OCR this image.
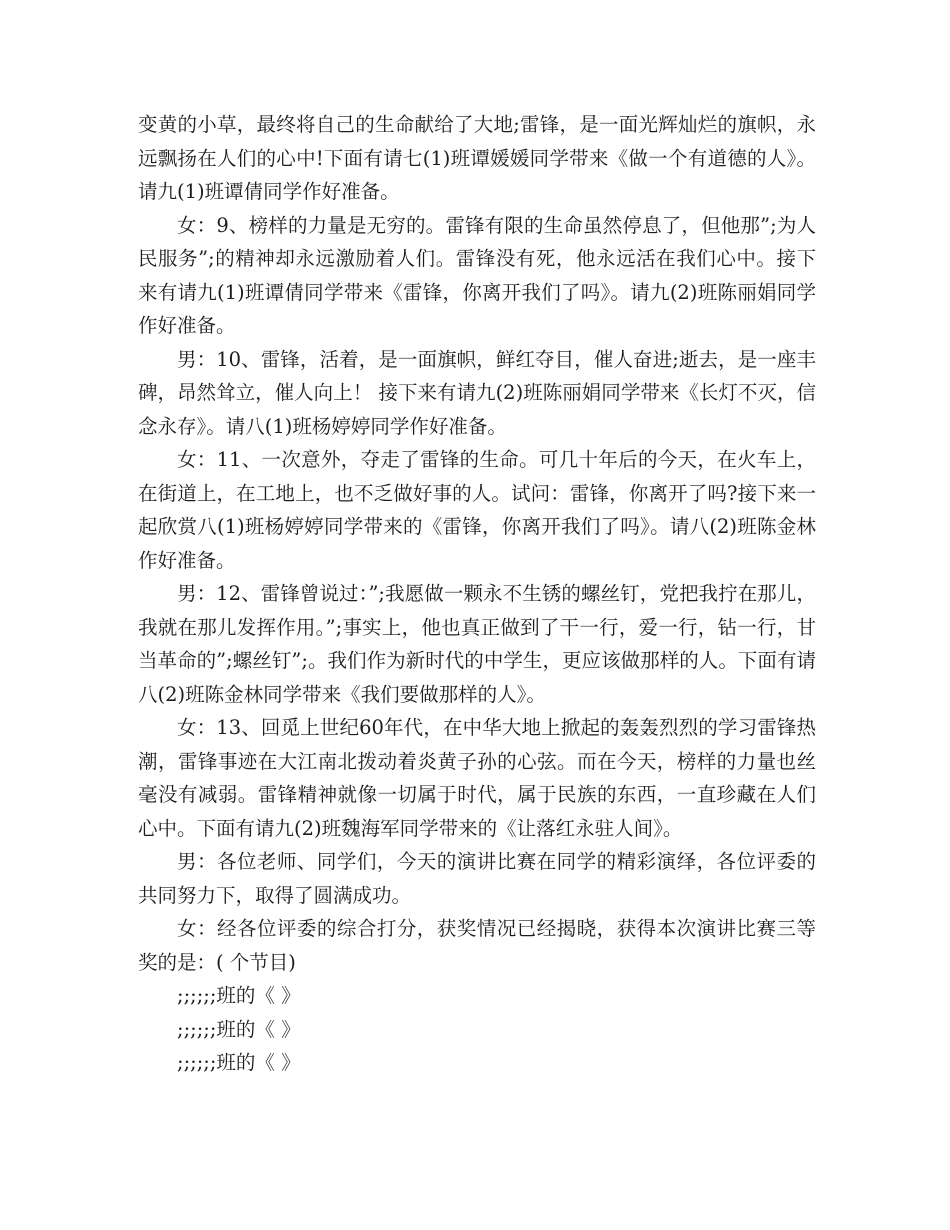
变黄的小草，最终将自己的生命献给了大地;雷锋，是一面光辉灿烂的旗帜，永远飘扬在人们的心中!下面有请七(1)班谭媛媛同学带来《做一个有道德的人》。请九(1)班谭倩同学作好准备。

女：9、榜样的力量是无穷的。雷锋有限的生命虽然停息了，但他那”;为人民服务”;的精神却永远激励着人们。雷锋没有死，他永远活在我们心中。接下来有请九(1)班谭倩同学带来《雷锋，你离开我们了吗》。请九(2)班陈丽娟同学作好准备。

男：10、雷锋，活着，是一面旗帜，鲜红夺目，催人奋进;逝去，是一座丰碑，昂然耸立，催人向上！ 接下来有请九(2)班陈丽娟同学带来《长灯不灭，信念永存》。请八(1)班杨婷婷同学作好准备。

女：11、一次意外，夺走了雷锋的生命。可几十年后的今天，在火车上，在街道上，在工地上，也不乏做好事的人。试问：雷锋，你离开了吗?接下来一起欣赏八(1)班杨婷婷同学带来的《雷锋，你离开我们了吗》。请八(2)班陈金林作好准备。

男：12、雷锋曾说过：”;我愿做一颗永不生锈的螺丝钉，党把我拧在那儿，我就在那儿发挥作用。”;事实上，他也真正做到了干一行，爱一行，钻一行，甘当革命的”;螺丝钉”;。我们作为新时代的中学生，更应该做那样的人。下面有请八(2)班陈金林同学带来《我们要做那样的人》。

女：13、回觅上世纪60年代，在中华大地上掀起的轰轰烈烈的学习雷锋热潮，雷锋事迹在大江南北拨动着炎黄子孙的心弦。而在今天，榜样的力量也丝毫没有减弱。雷锋精神就像一切属于时代，属于民族的东西，一直珍藏在人们心中。下面有请九(2)班魏海军同学带来的《让落红永驻人间》。

男：各位老师、同学们，今天的演讲比赛在同学的精彩演绎，各位评委的共同努力下，取得了圆满成功。

女：经各位评委的综合打分，获奖情况已经揭晓，获得本次演讲比赛三等奖的是：( 个节目)

;;;;;;班的《 》

;;;;;;班的《 》

;;;;;;班的《 》
